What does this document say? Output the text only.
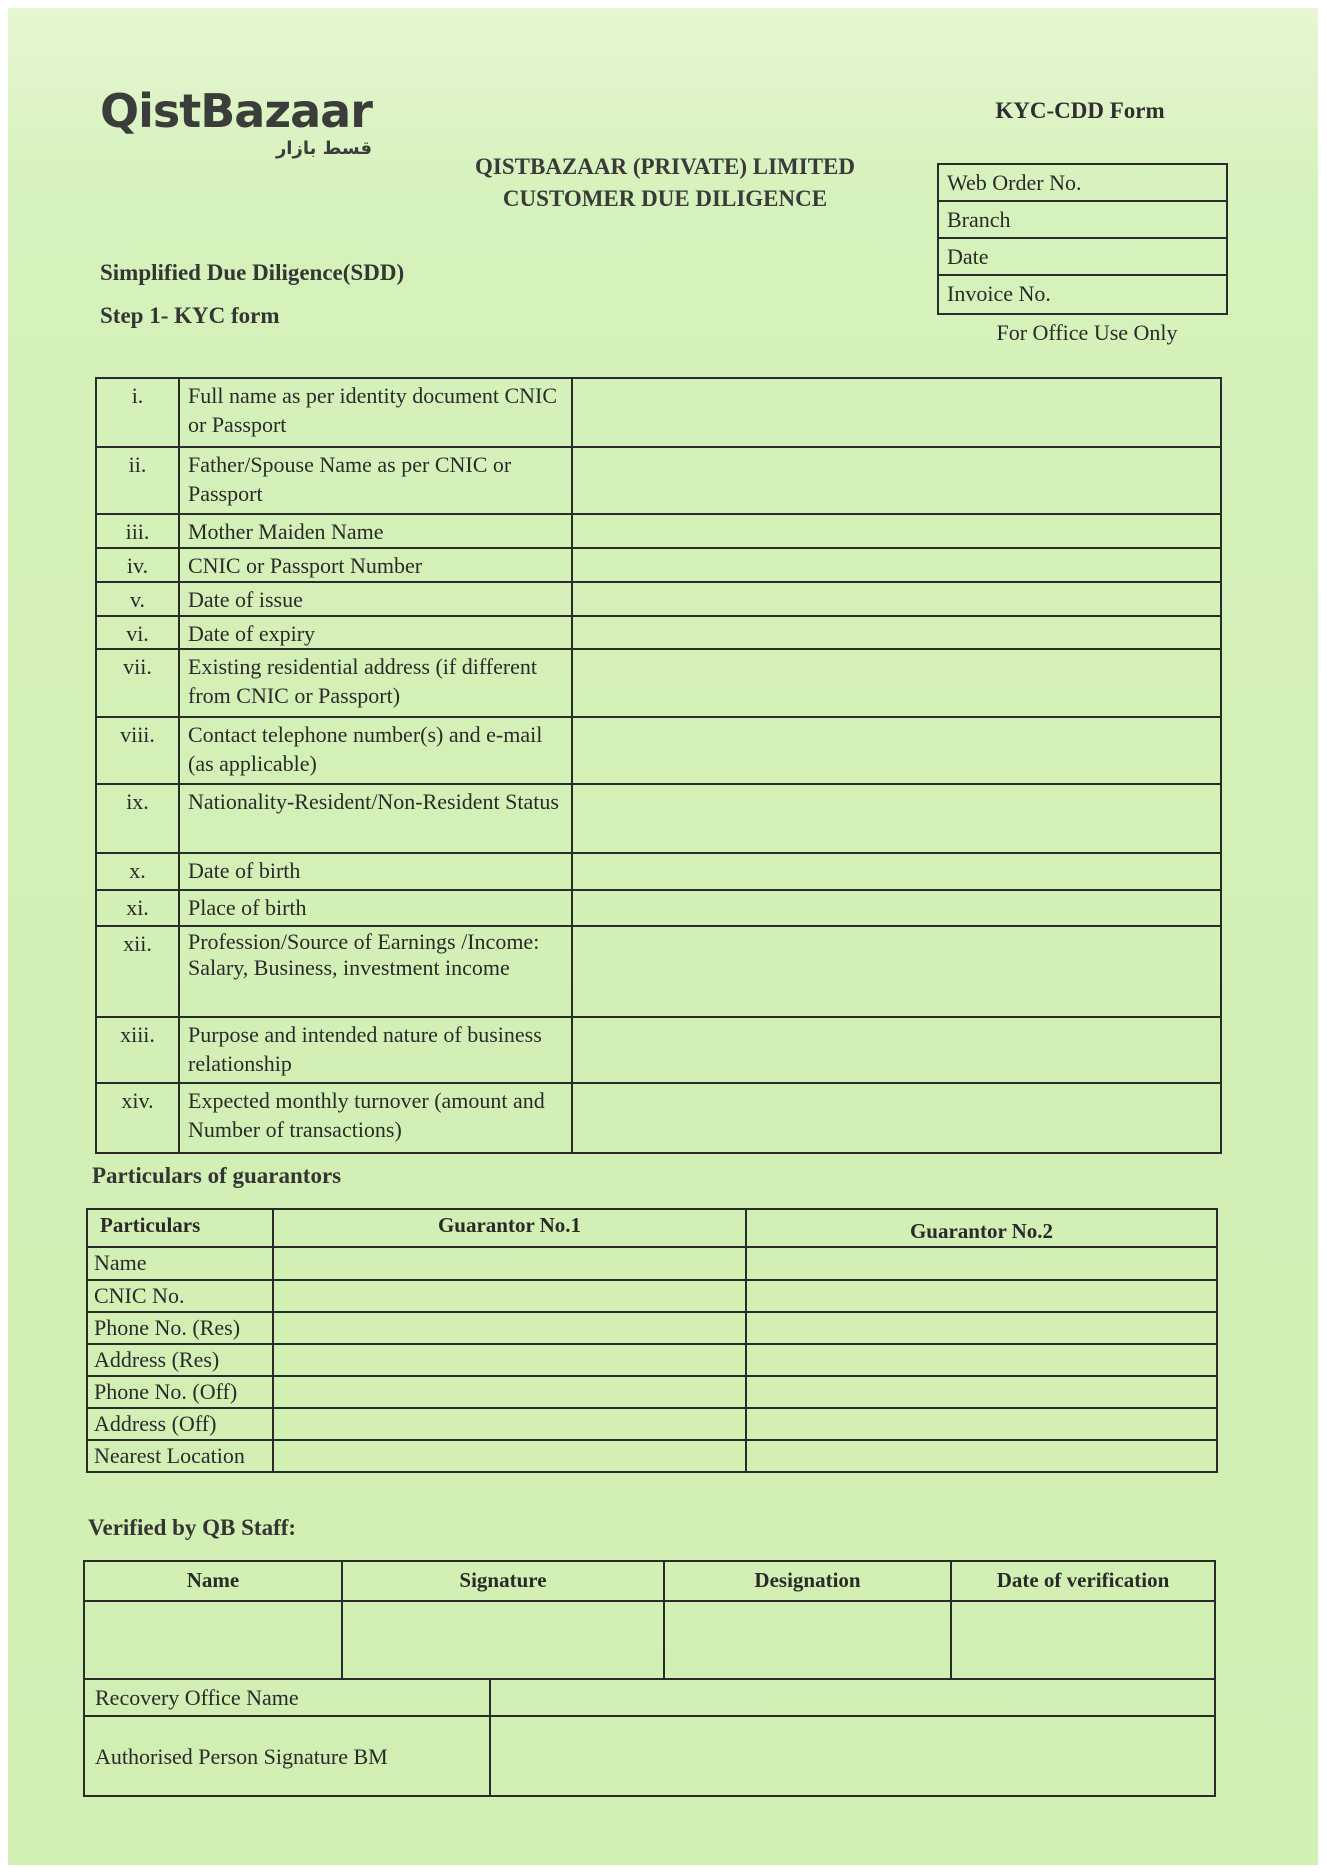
QistBazaar
قسط بازار
QISTBAZAAR (PRIVATE) LIMITED
CUSTOMER DUE DILIGENCE
KYC-CDD Form
Web Order No.
Branch
Date
Invoice No.
For Office Use Only
Simplified Due Diligence(SDD)
Step 1- KYC form
i.	Full name as per identity document CNIC or Passport	
ii.	Father/Spouse Name as per CNIC or Passport	
iii.	Mother Maiden Name	
iv.	CNIC or Passport Number	
v.	Date of issue	
vi.	Date of expiry	
vii.	Existing residential address (if different from CNIC or Passport)	
viii.	Contact telephone number(s) and e-mail (as applicable)	
ix.	Nationality-Resident/Non-Resident Status	
x.	Date of birth	
xi.	Place of birth	
xii.	Profession/Source of Earnings /Income: Salary, Business, investment income	
xiii.	Purpose and intended nature of business relationship	
xiv.	Expected monthly turnover (amount and Number of transactions)	
Particulars of guarantors
Particulars	Guarantor No.1	Guarantor No.2
Name		
CNIC No.		
Phone No. (Res)		
Address (Res)		
Phone No. (Off)		
Address (Off)		
Nearest Location		
Verified by QB Staff:
Name	Signature		Designation	Date of verification

Recovery Office Name				
Authorised Person Signature BM				
